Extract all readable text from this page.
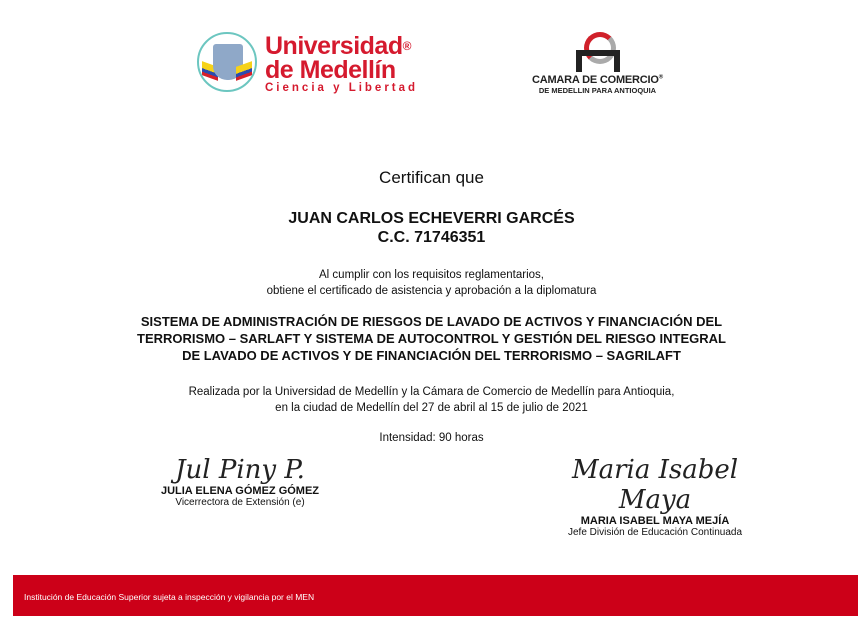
Universidad®
de Medellín
Ciencia y Libertad
CAMARA DE COMERCIO®
DE MEDELLIN PARA ANTIOQUIA
Certifican que
JUAN CARLOS ECHEVERRI GARCÉS
C.C. 71746351
Al cumplir con los requisitos reglamentarios,
obtiene el certificado de asistencia y aprobación a la diplomatura
SISTEMA DE ADMINISTRACIÓN DE RIESGOS DE LAVADO DE ACTIVOS Y FINANCIACIÓN DEL
TERRORISMO – SARLAFT Y SISTEMA DE AUTOCONTROL Y GESTIÓN DEL RIESGO INTEGRAL
DE LAVADO DE ACTIVOS Y DE FINANCIACIÓN DEL TERRORISMO – SAGRILAFT
Realizada por la Universidad de Medellín y la Cámara de Comercio de Medellín para Antioquia,
en la ciudad de Medellín del 27 de abril al 15 de julio de 2021
Intensidad: 90 horas
Jul Piny P.
JULIA ELENA GÓMEZ GÓMEZ
Vicerrectora de Extensión (e)
Maria Isabel Maya
MARIA ISABEL MAYA MEJÍA
Jefe División de Educación Continuada
Institución de Educación Superior sujeta a inspección y vigilancia por el MEN
